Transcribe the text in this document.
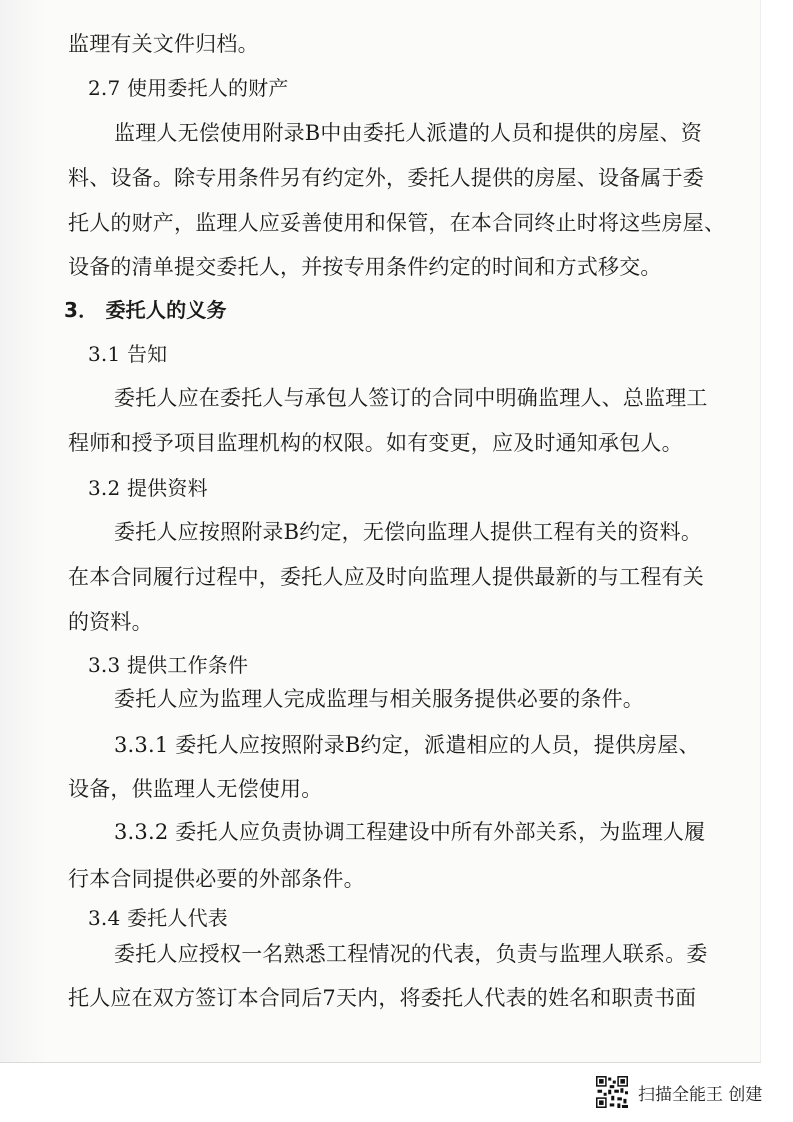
监理有关文件归档。
2.7 使用委托人的财产
监理人无偿使用附录B中由委托人派遣的人员和提供的房屋、资
料、设备。除专用条件另有约定外，委托人提供的房屋、设备属于委
托人的财产，监理人应妥善使用和保管，在本合同终止时将这些房屋、
设备的清单提交委托人，并按专用条件约定的时间和方式移交。
3． 委托人的义务
3.1 告知
委托人应在委托人与承包人签订的合同中明确监理人、总监理工
程师和授予项目监理机构的权限。如有变更，应及时通知承包人。
3.2 提供资料
委托人应按照附录B约定，无偿向监理人提供工程有关的资料。
在本合同履行过程中，委托人应及时向监理人提供最新的与工程有关
的资料。
3.3 提供工作条件
委托人应为监理人完成监理与相关服务提供必要的条件。
3.3.1 委托人应按照附录B约定，派遣相应的人员，提供房屋、
设备，供监理人无偿使用。
3.3.2 委托人应负责协调工程建设中所有外部关系，为监理人履
行本合同提供必要的外部条件。
3.4 委托人代表
委托人应授权一名熟悉工程情况的代表，负责与监理人联系。委
托人应在双方签订本合同后7天内，将委托人代表的姓名和职责书面
扫描全能王 创建
